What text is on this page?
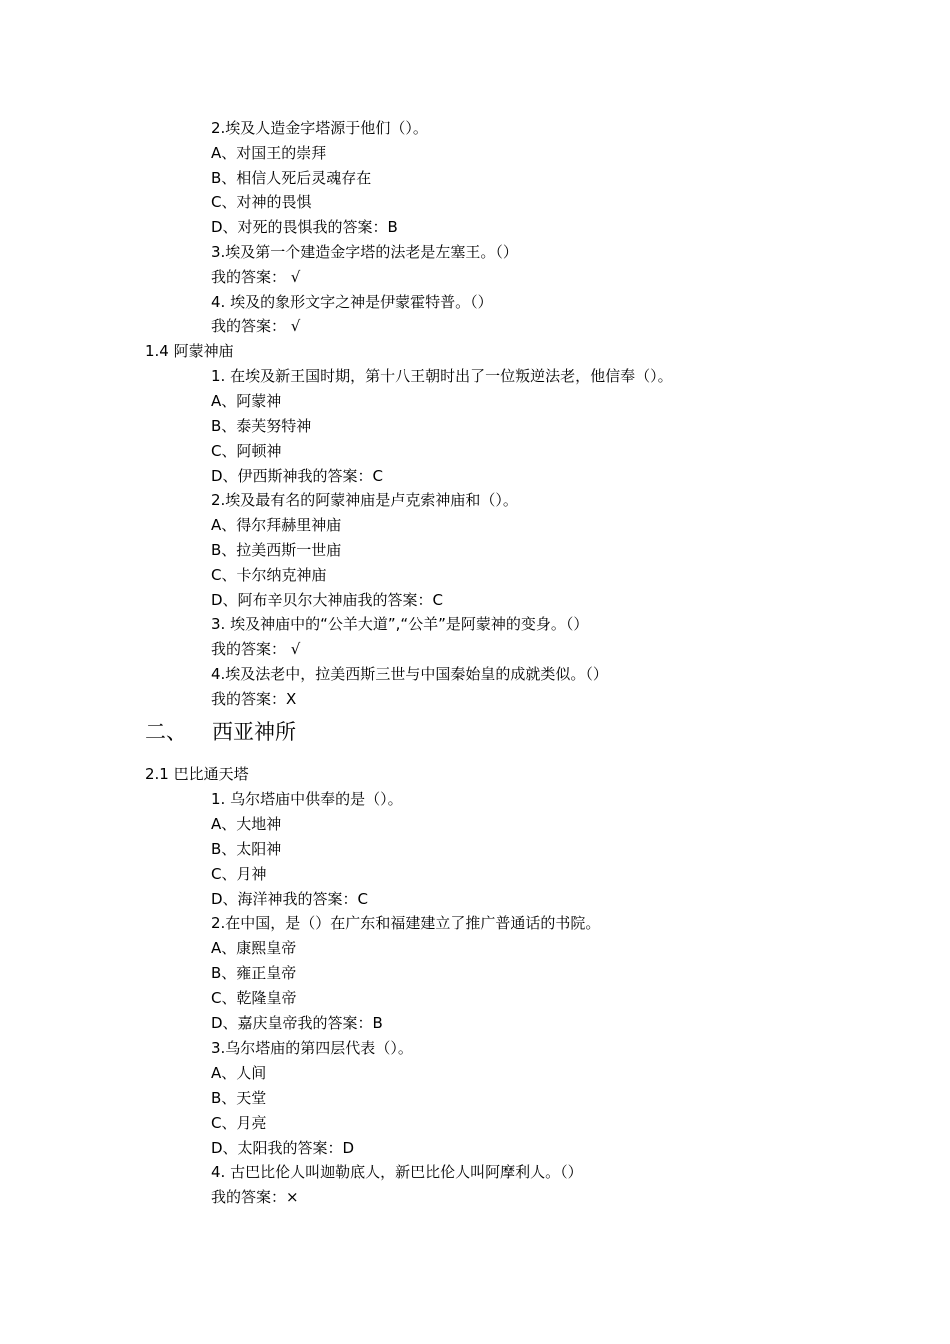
2.埃及人造金字塔源于他们（）。
A、对国王的崇拜
B、相信人死后灵魂存在
C、对神的畏惧
D、对死的畏惧我的答案：B
3.埃及第一个建造金字塔的法老是左塞王。（）
我的答案： √
4. 埃及的象形文字之神是伊蒙霍特普。（）
我的答案： √
1.4 阿蒙神庙
1. 在埃及新王国时期，第十八王朝时出了一位叛逆法老，他信奉（）。
A、阿蒙神
B、泰芙努特神
C、阿顿神
D、伊西斯神我的答案：C
2.埃及最有名的阿蒙神庙是卢克索神庙和（）。
A、得尔拜赫里神庙
B、拉美西斯一世庙
C、卡尔纳克神庙
D、阿布辛贝尔大神庙我的答案：C
3. 埃及神庙中的“公羊大道”,“公羊”是阿蒙神的变身。（）
我的答案： √
4.埃及法老中，拉美西斯三世与中国秦始皇的成就类似。（）
我的答案：X
二、 西亚神所
2.1 巴比通天塔
1. 乌尔塔庙中供奉的是（）。
A、大地神
B、太阳神
C、月神
D、海洋神我的答案：C
2.在中国，是（）在广东和福建建立了推广普通话的书院。
A、康熙皇帝
B、雍正皇帝
C、乾隆皇帝
D、嘉庆皇帝我的答案：B
3.乌尔塔庙的第四层代表（）。
A、人间
B、天堂
C、月亮
D、太阳我的答案：D
4. 古巴比伦人叫迦勒底人，新巴比伦人叫阿摩利人。（）
我的答案：×
